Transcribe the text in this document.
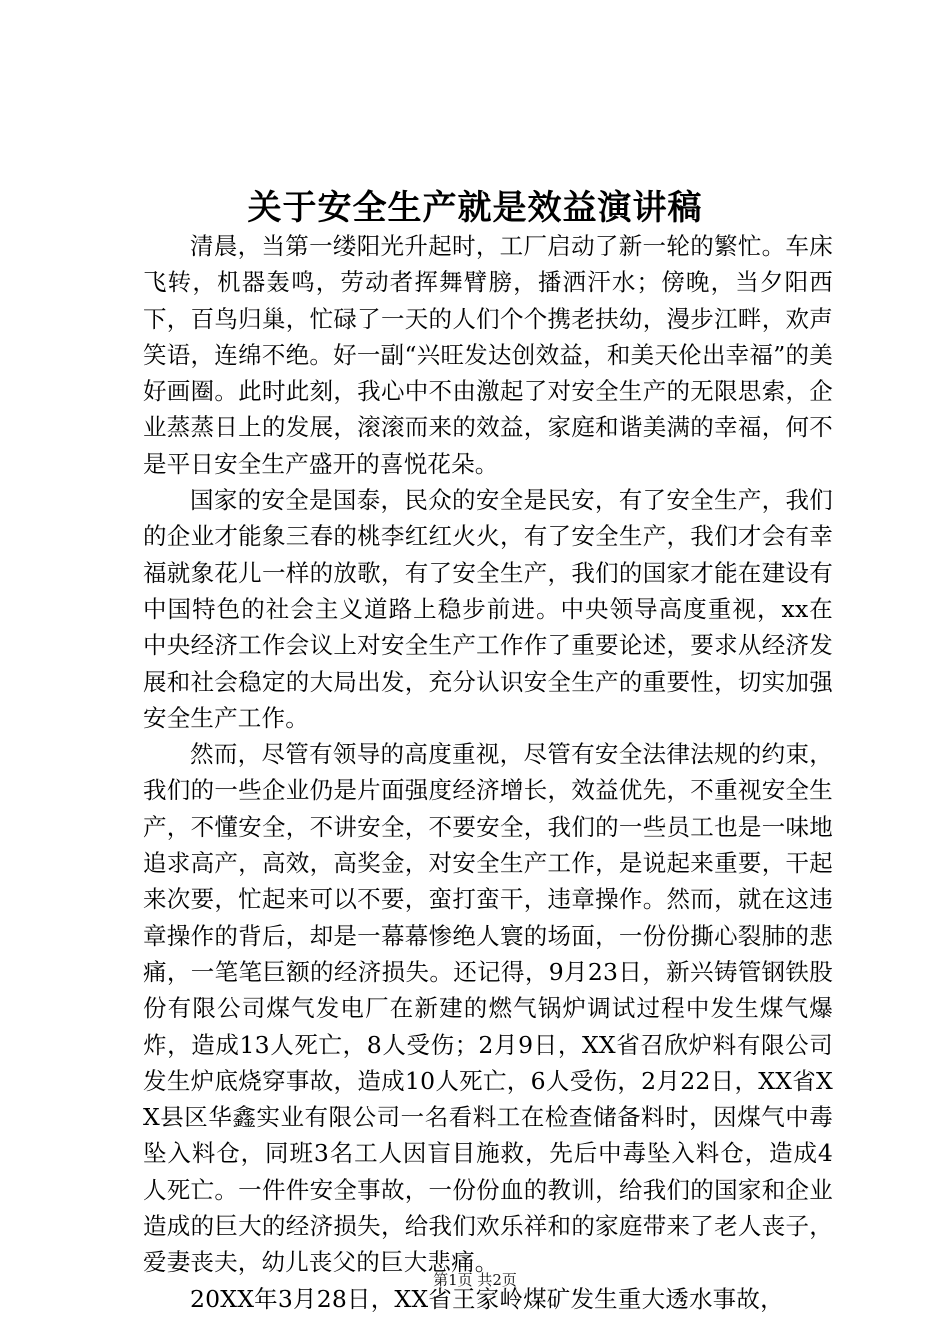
关于安全生产就是效益演讲稿

清晨，当第一缕阳光升起时，工厂启动了新一轮的繁忙。车床飞转，机器轰鸣，劳动者挥舞臂膀，播洒汗水；傍晚，当夕阳西下，百鸟归巢，忙碌了一天的人们个个携老扶幼，漫步江畔，欢声笑语，连绵不绝。好一副“兴旺发达创效益，和美天伦出幸福”的美好画圈。此时此刻，我心中不由激起了对安全生产的无限思索，企业蒸蒸日上的发展，滚滚而来的效益，家庭和谐美满的幸福，何不是平日安全生产盛开的喜悦花朵。

国家的安全是国泰，民众的安全是民安，有了安全生产，我们的企业才能象三春的桃李红红火火，有了安全生产，我们才会有幸福就象花儿一样的放歌，有了安全生产，我们的国家才能在建设有中国特色的社会主义道路上稳步前进。中央领导高度重视，xx在中央经济工作会议上对安全生产工作作了重要论述，要求从经济发展和社会稳定的大局出发，充分认识安全生产的重要性，切实加强安全生产工作。

然而，尽管有领导的高度重视，尽管有安全法律法规的约束，我们的一些企业仍是片面强度经济增长，效益优先，不重视安全生产，不懂安全，不讲安全，不要安全，我们的一些员工也是一味地追求高产，高效，高奖金，对安全生产工作，是说起来重要，干起来次要，忙起来可以不要，蛮打蛮干，违章操作。然而，就在这违章操作的背后，却是一幕幕惨绝人寰的场面，一份份撕心裂肺的悲痛，一笔笔巨额的经济损失。还记得，9月23日，新兴铸管钢铁股份有限公司煤气发电厂在新建的燃气锅炉调试过程中发生煤气爆炸，造成13人死亡，8人受伤；2月9日，XX省召欣炉料有限公司发生炉底烧穿事故，造成10人死亡，6人受伤，2月22日，XX省XX县区华鑫实业有限公司一名看料工在检查储备料时，因煤气中毒坠入料仓，同班3名工人因盲目施救，先后中毒坠入料仓，造成4人死亡。一件件安全事故，一份份血的教训，给我们的国家和企业造成的巨大的经济损失，给我们欢乐祥和的家庭带来了老人丧子，爱妻丧夫，幼儿丧父的巨大悲痛。

20XX年3月28日，XX省王家岭煤矿发生重大透水事故，

第1页 共2页
